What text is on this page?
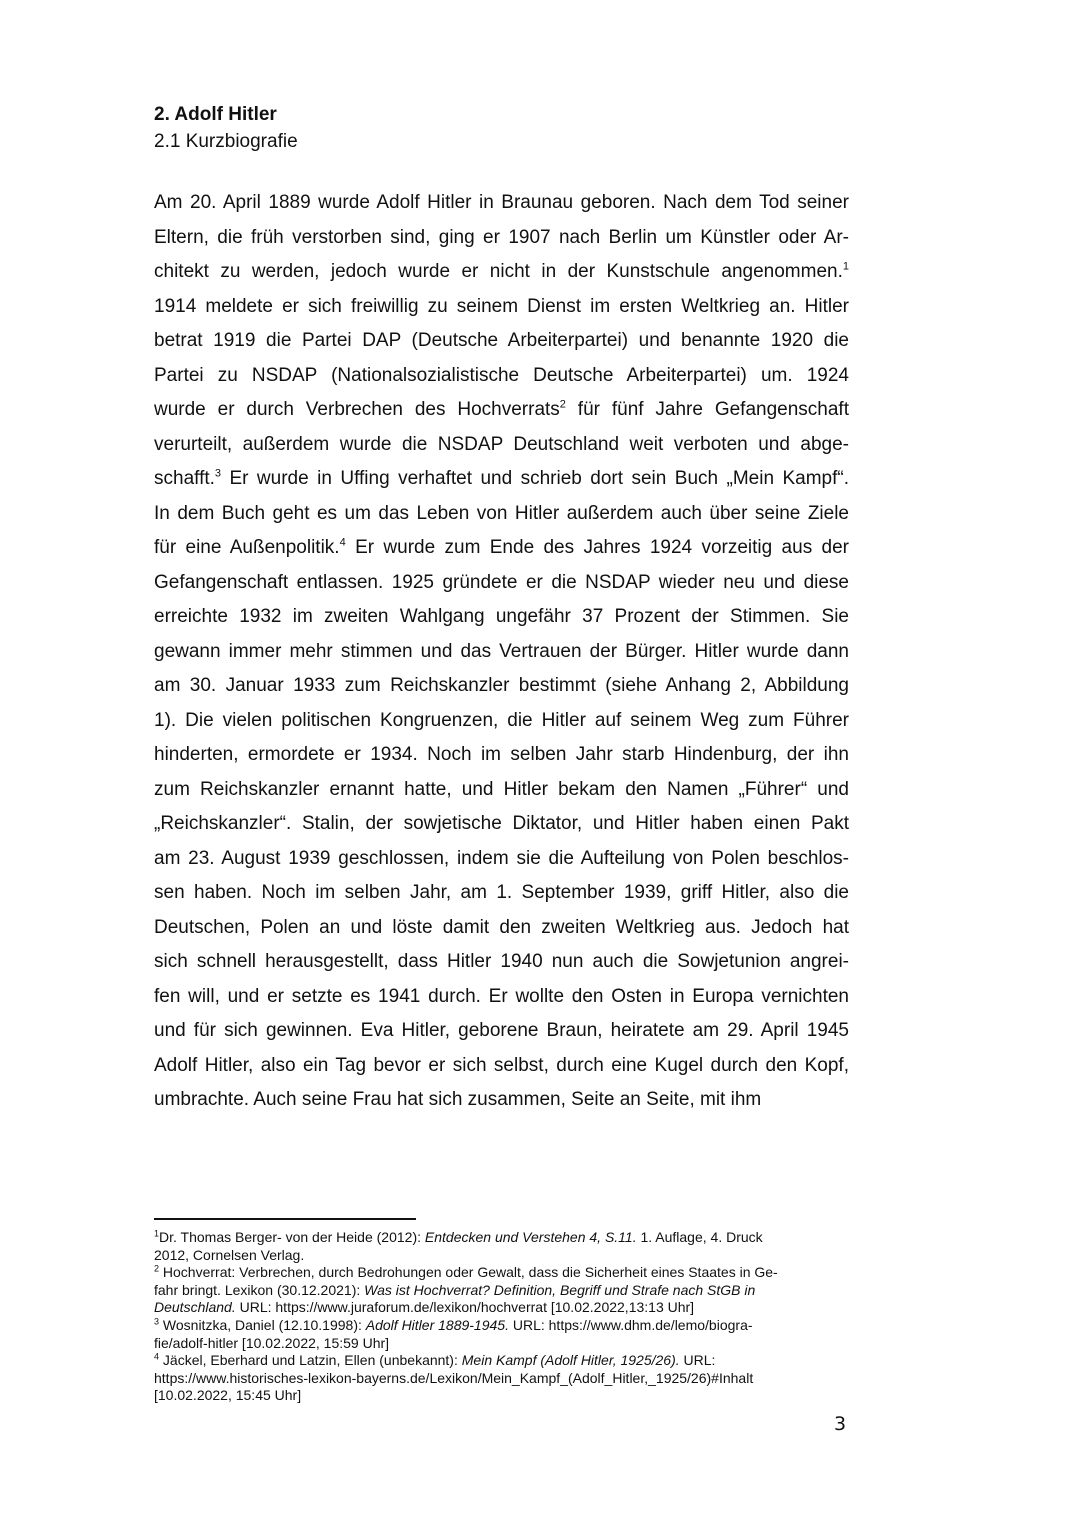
2. Adolf Hitler
2.1 Kurzbiografie
Am 20. April 1889 wurde Adolf Hitler in Braunau geboren. Nach dem Tod seiner
Eltern, die früh verstorben sind, ging er 1907 nach Berlin um Künstler oder Ar-
chitekt zu werden, jedoch wurde er nicht in der Kunstschule angenommen.$^1$
1914 meldete er sich freiwillig zu seinem Dienst im ersten Weltkrieg an. Hitler
betrat 1919 die Partei DAP (Deutsche Arbeiterpartei) und benannte 1920 die
Partei zu NSDAP (Nationalsozialistische Deutsche Arbeiterpartei) um. 1924
wurde er durch Verbrechen des Hochverrats$^2$ für fünf Jahre Gefangenschaft
verurteilt, außerdem wurde die NSDAP Deutschland weit verboten und abge-
schafft.$^3$ Er wurde in Uffing verhaftet und schrieb dort sein Buch „Mein Kampf“.
In dem Buch geht es um das Leben von Hitler außerdem auch über seine Ziele
für eine Außenpolitik.$^4$ Er wurde zum Ende des Jahres 1924 vorzeitig aus der
Gefangenschaft entlassen. 1925 gründete er die NSDAP wieder neu und diese
erreichte 1932 im zweiten Wahlgang ungefähr 37 Prozent der Stimmen. Sie
gewann immer mehr stimmen und das Vertrauen der Bürger. Hitler wurde dann
am 30. Januar 1933 zum Reichskanzler bestimmt (siehe Anhang 2, Abbildung
1). Die vielen politischen Kongruenzen, die Hitler auf seinem Weg zum Führer
hinderten, ermordete er 1934. Noch im selben Jahr starb Hindenburg, der ihn
zum Reichskanzler ernannt hatte, und Hitler bekam den Namen „Führer“ und
„Reichskanzler“. Stalin, der sowjetische Diktator, und Hitler haben einen Pakt
am 23. August 1939 geschlossen, indem sie die Aufteilung von Polen beschlos-
sen haben. Noch im selben Jahr, am 1. September 1939, griff Hitler, also die
Deutschen, Polen an und löste damit den zweiten Weltkrieg aus. Jedoch hat
sich schnell herausgestellt, dass Hitler 1940 nun auch die Sowjetunion angrei-
fen will, und er setzte es 1941 durch. Er wollte den Osten in Europa vernichten
und für sich gewinnen. Eva Hitler, geborene Braun, heiratete am 29. April 1945
Adolf Hitler, also ein Tag bevor er sich selbst, durch eine Kugel durch den Kopf,
umbrachte. Auch seine Frau hat sich zusammen, Seite an Seite, mit ihm
$^1$Dr. Thomas Berger- von der Heide (2012): Entdecken und Verstehen 4, S.11. 1. Auflage, 4. Druck
2012, Cornelsen Verlag.
$^2$ Hochverrat: Verbrechen, durch Bedrohungen oder Gewalt, dass die Sicherheit eines Staates in Ge-
fahr bringt. Lexikon (30.12.2021): Was ist Hochverrat? Definition, Begriff und Strafe nach StGB in
Deutschland. URL: https://www.juraforum.de/lexikon/hochverrat [10.02.2022,13:13 Uhr]
$^3$ Wosnitzka, Daniel (12.10.1998): Adolf Hitler 1889-1945. URL: https://www.dhm.de/lemo/biogra-
fie/adolf-hitler [10.02.2022, 15:59 Uhr]
$^4$ Jäckel, Eberhard und Latzin, Ellen (unbekannt): Mein Kampf (Adolf Hitler, 1925/26). URL:
https://www.historisches-lexikon-bayerns.de/Lexikon/Mein_Kampf_(Adolf_Hitler,_1925/26)#Inhalt
[10.02.2022, 15:45 Uhr]
3
